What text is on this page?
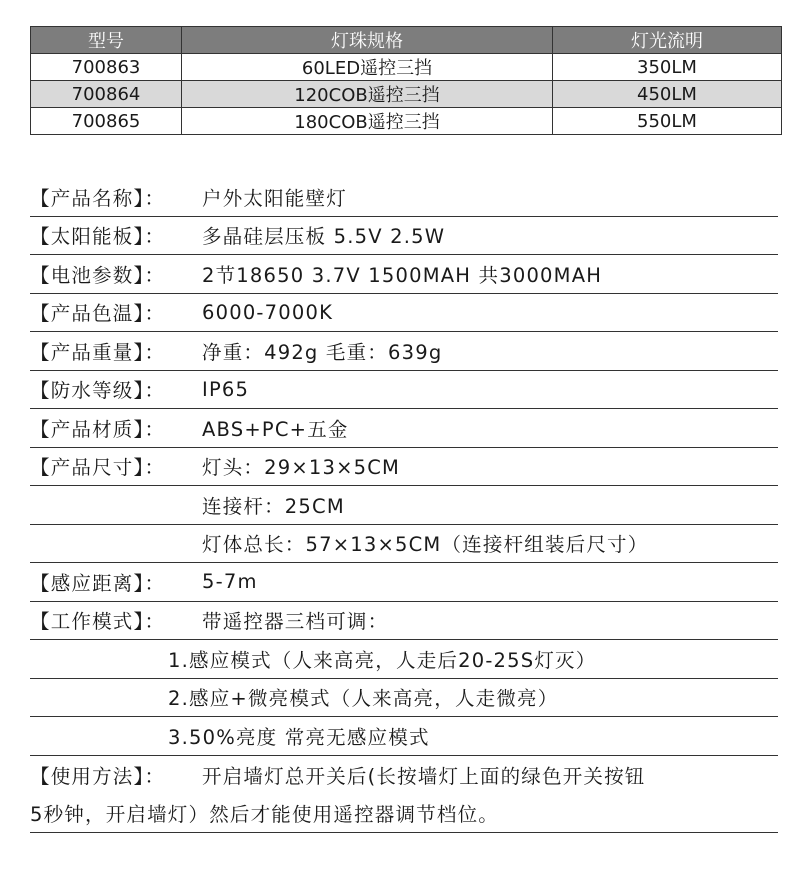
型号	灯珠规格	灯光流明
700863	60LED遥控三挡	350LM
700864	120COB遥控三挡	450LM
700865	180COB遥控三挡	550LM
【产品名称】：	户外太阳能壁灯
【太阳能板】：	多晶硅层压板 5.5V 2.5W
【电池参数】：	2节18650 3.7V 1500MAH 共3000MAH
【产品色温】：	6000-7000K
【产品重量】：	净重：492g 毛重：639g
【防水等级】：	IP65
【产品材质】：	ABS+PC+五金
【产品尺寸】：	灯头：29×13×5CM
连接杆：25CM
灯体总长：57×13×5CM（连接杆组装后尺寸）
【感应距离】：	5-7m
【工作模式】：	带遥控器三档可调：
1.感应模式（人来高亮，人走后20-25S灯灭）
2.感应+微亮模式（人来高亮，人走微亮）
3.50%亮度 常亮无感应模式
【使用方法】：	开启墙灯总开关后(长按墙灯上面的绿色开关按钮
5秒钟，开启墙灯）然后才能使用遥控器调节档位。
